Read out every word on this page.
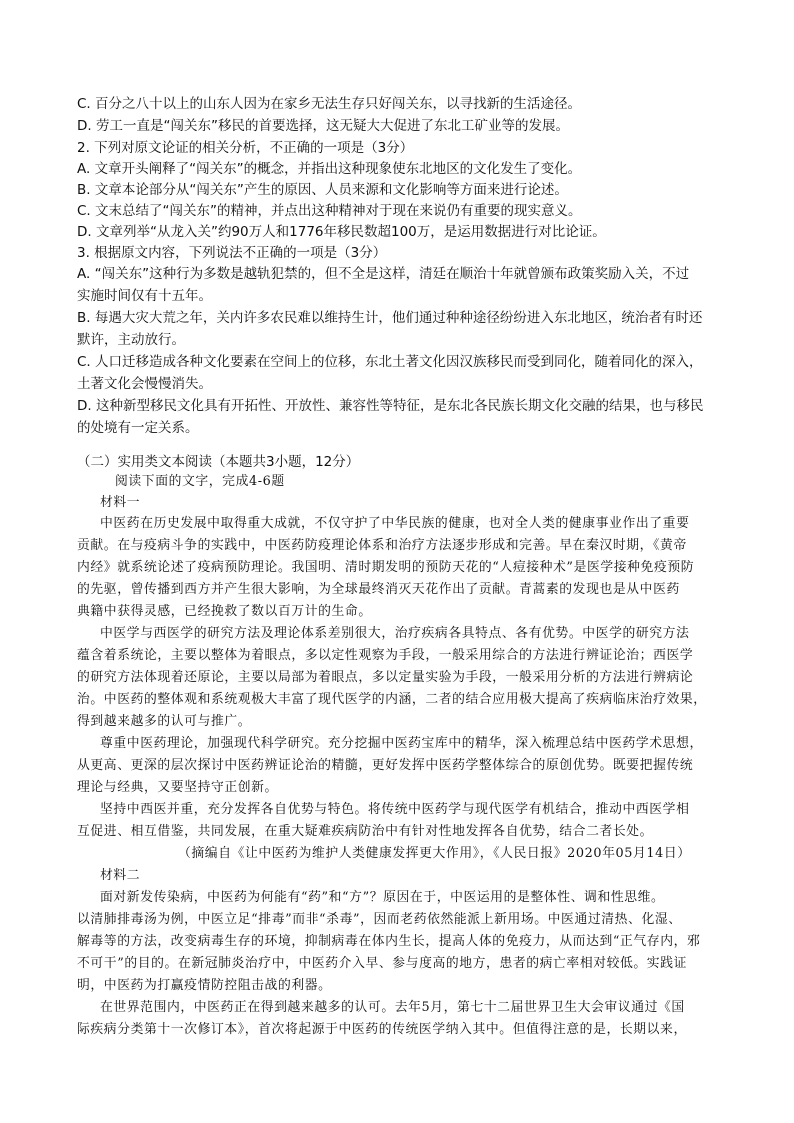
C. 百分之八十以上的山东人因为在家乡无法生存只好闯关东，以寻找新的生活途径。
D. 劳工一直是“闯关东”移民的首要选择，这无疑大大促进了东北工矿业等的发展。
2. 下列对原文论证的相关分析，不正确的一项是（3分）
A. 文章开头阐释了“闯关东”的概念，并指出这种现象使东北地区的文化发生了变化。
B. 文章本论部分从“闯关东”产生的原因、人员来源和文化影响等方面来进行论述。
C. 文末总结了“闯关东”的精神，并点出这种精神对于现在来说仍有重要的现实意义。
D. 文章列举“从龙入关”约90万人和1776年移民数超100万，是运用数据进行对比论证。
3. 根据原文内容，下列说法不正确的一项是（3分）
A. “闯关东”这种行为多数是越轨犯禁的，但不全是这样，清廷在顺治十年就曾颁布政策奖励入关，不过
实施时间仅有十五年。
B. 每遇大灾大荒之年，关内许多农民难以维持生计，他们通过种种途径纷纷进入东北地区，统治者有时还
默许，主动放行。
C. 人口迁移造成各种文化要素在空间上的位移，东北土著文化因汉族移民而受到同化，随着同化的深入，
土著文化会慢慢消失。
D. 这种新型移民文化具有开拓性、开放性、兼容性等特征，是东北各民族长期文化交融的结果，也与移民
的处境有一定关系。
（二）实用类文本阅读（本题共3小题，12分）
阅读下面的文字，完成4-6题
材料一
中医药在历史发展中取得重大成就，不仅守护了中华民族的健康，也对全人类的健康事业作出了重要
贡献。在与疫病斗争的实践中，中医药防疫理论体系和治疗方法逐步形成和完善。早在秦汉时期，《黄帝
内经》就系统论述了疫病预防理论。我国明、清时期发明的预防天花的“人痘接种术”是医学接种免疫预防
的先驱，曾传播到西方并产生很大影响，为全球最终消灭天花作出了贡献。青蒿素的发现也是从中医药
典籍中获得灵感，已经挽救了数以百万计的生命。
中医学与西医学的研究方法及理论体系差别很大，治疗疾病各具特点、各有优势。中医学的研究方法
蕴含着系统论，主要以整体为着眼点，多以定性观察为手段，一般采用综合的方法进行辨证论治；西医学
的研究方法体现着还原论，主要以局部为着眼点，多以定量实验为手段，一般采用分析的方法进行辨病论
治。中医药的整体观和系统观极大丰富了现代医学的内涵，二者的结合应用极大提高了疾病临床治疗效果，
得到越来越多的认可与推广。
尊重中医药理论，加强现代科学研究。充分挖掘中医药宝库中的精华，深入梳理总结中医药学术思想，
从更高、更深的层次探讨中医药辨证论治的精髓，更好发挥中医药学整体综合的原创优势。既要把握传统
理论与经典，又要坚持守正创新。
坚持中西医并重，充分发挥各自优势与特色。将传统中医药学与现代医学有机结合，推动中西医学相
互促进、相互借鉴，共同发展，在重大疑难疾病防治中有针对性地发挥各自优势，结合二者长处。
（摘编自《让中医药为维护人类健康发挥更大作用》，《人民日报》2020年05月14日）
材料二
面对新发传染病，中医药为何能有“药”和“方”？原因在于，中医运用的是整体性、调和性思维。
以清肺排毒汤为例，中医立足“排毒”而非“杀毒”，因而老药依然能派上新用场。中医通过清热、化湿、
解毒等的方法，改变病毒生存的环境，抑制病毒在体内生长，提高人体的免疫力，从而达到“正气存内，邪
不可干”的目的。在新冠肺炎治疗中，中医药介入早、参与度高的地方，患者的病亡率相对较低。实践证
明，中医药为打赢疫情防控阻击战的利器。
在世界范围内，中医药正在得到越来越多的认可。去年5月，第七十二届世界卫生大会审议通过《国
际疾病分类第十一次修订本》，首次将起源于中医药的传统医学纳入其中。但值得注意的是，长期以来，
